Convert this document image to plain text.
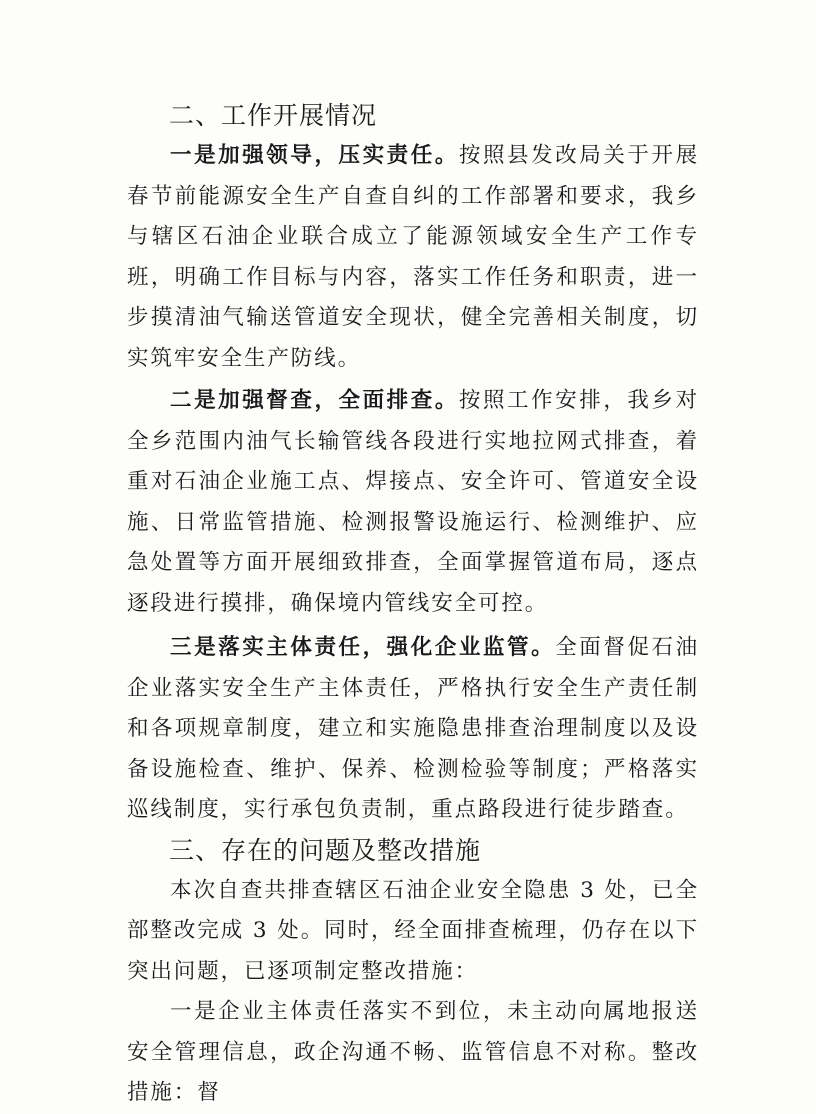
二、工作开展情况

一是加强领导，压实责任。按照县发改局关于开展春节前能源安全生产自查自纠的工作部署和要求，我乡与辖区石油企业联合成立了能源领域安全生产工作专班，明确工作目标与内容，落实工作任务和职责，进一步摸清油气输送管道安全现状，健全完善相关制度，切实筑牢安全生产防线。

二是加强督查，全面排查。按照工作安排，我乡对全乡范围内油气长输管线各段进行实地拉网式排查，着重对石油企业施工点、焊接点、安全许可、管道安全设施、日常监管措施、检测报警设施运行、检测维护、应急处置等方面开展细致排查，全面掌握管道布局，逐点逐段进行摸排，确保境内管线安全可控。

三是落实主体责任，强化企业监管。全面督促石油企业落实安全生产主体责任，严格执行安全生产责任制和各项规章制度，建立和实施隐患排查治理制度以及设备设施检查、维护、保养、检测检验等制度；严格落实巡线制度，实行承包负责制，重点路段进行徒步踏查。

三、存在的问题及整改措施

本次自查共排查辖区石油企业安全隐患 3 处，已全部整改完成 3 处。同时，经全面排查梳理，仍存在以下突出问题，已逐项制定整改措施：

一是企业主体责任落实不到位，未主动向属地报送安全管理信息，政企沟通不畅、监管信息不对称。整改措施：督
